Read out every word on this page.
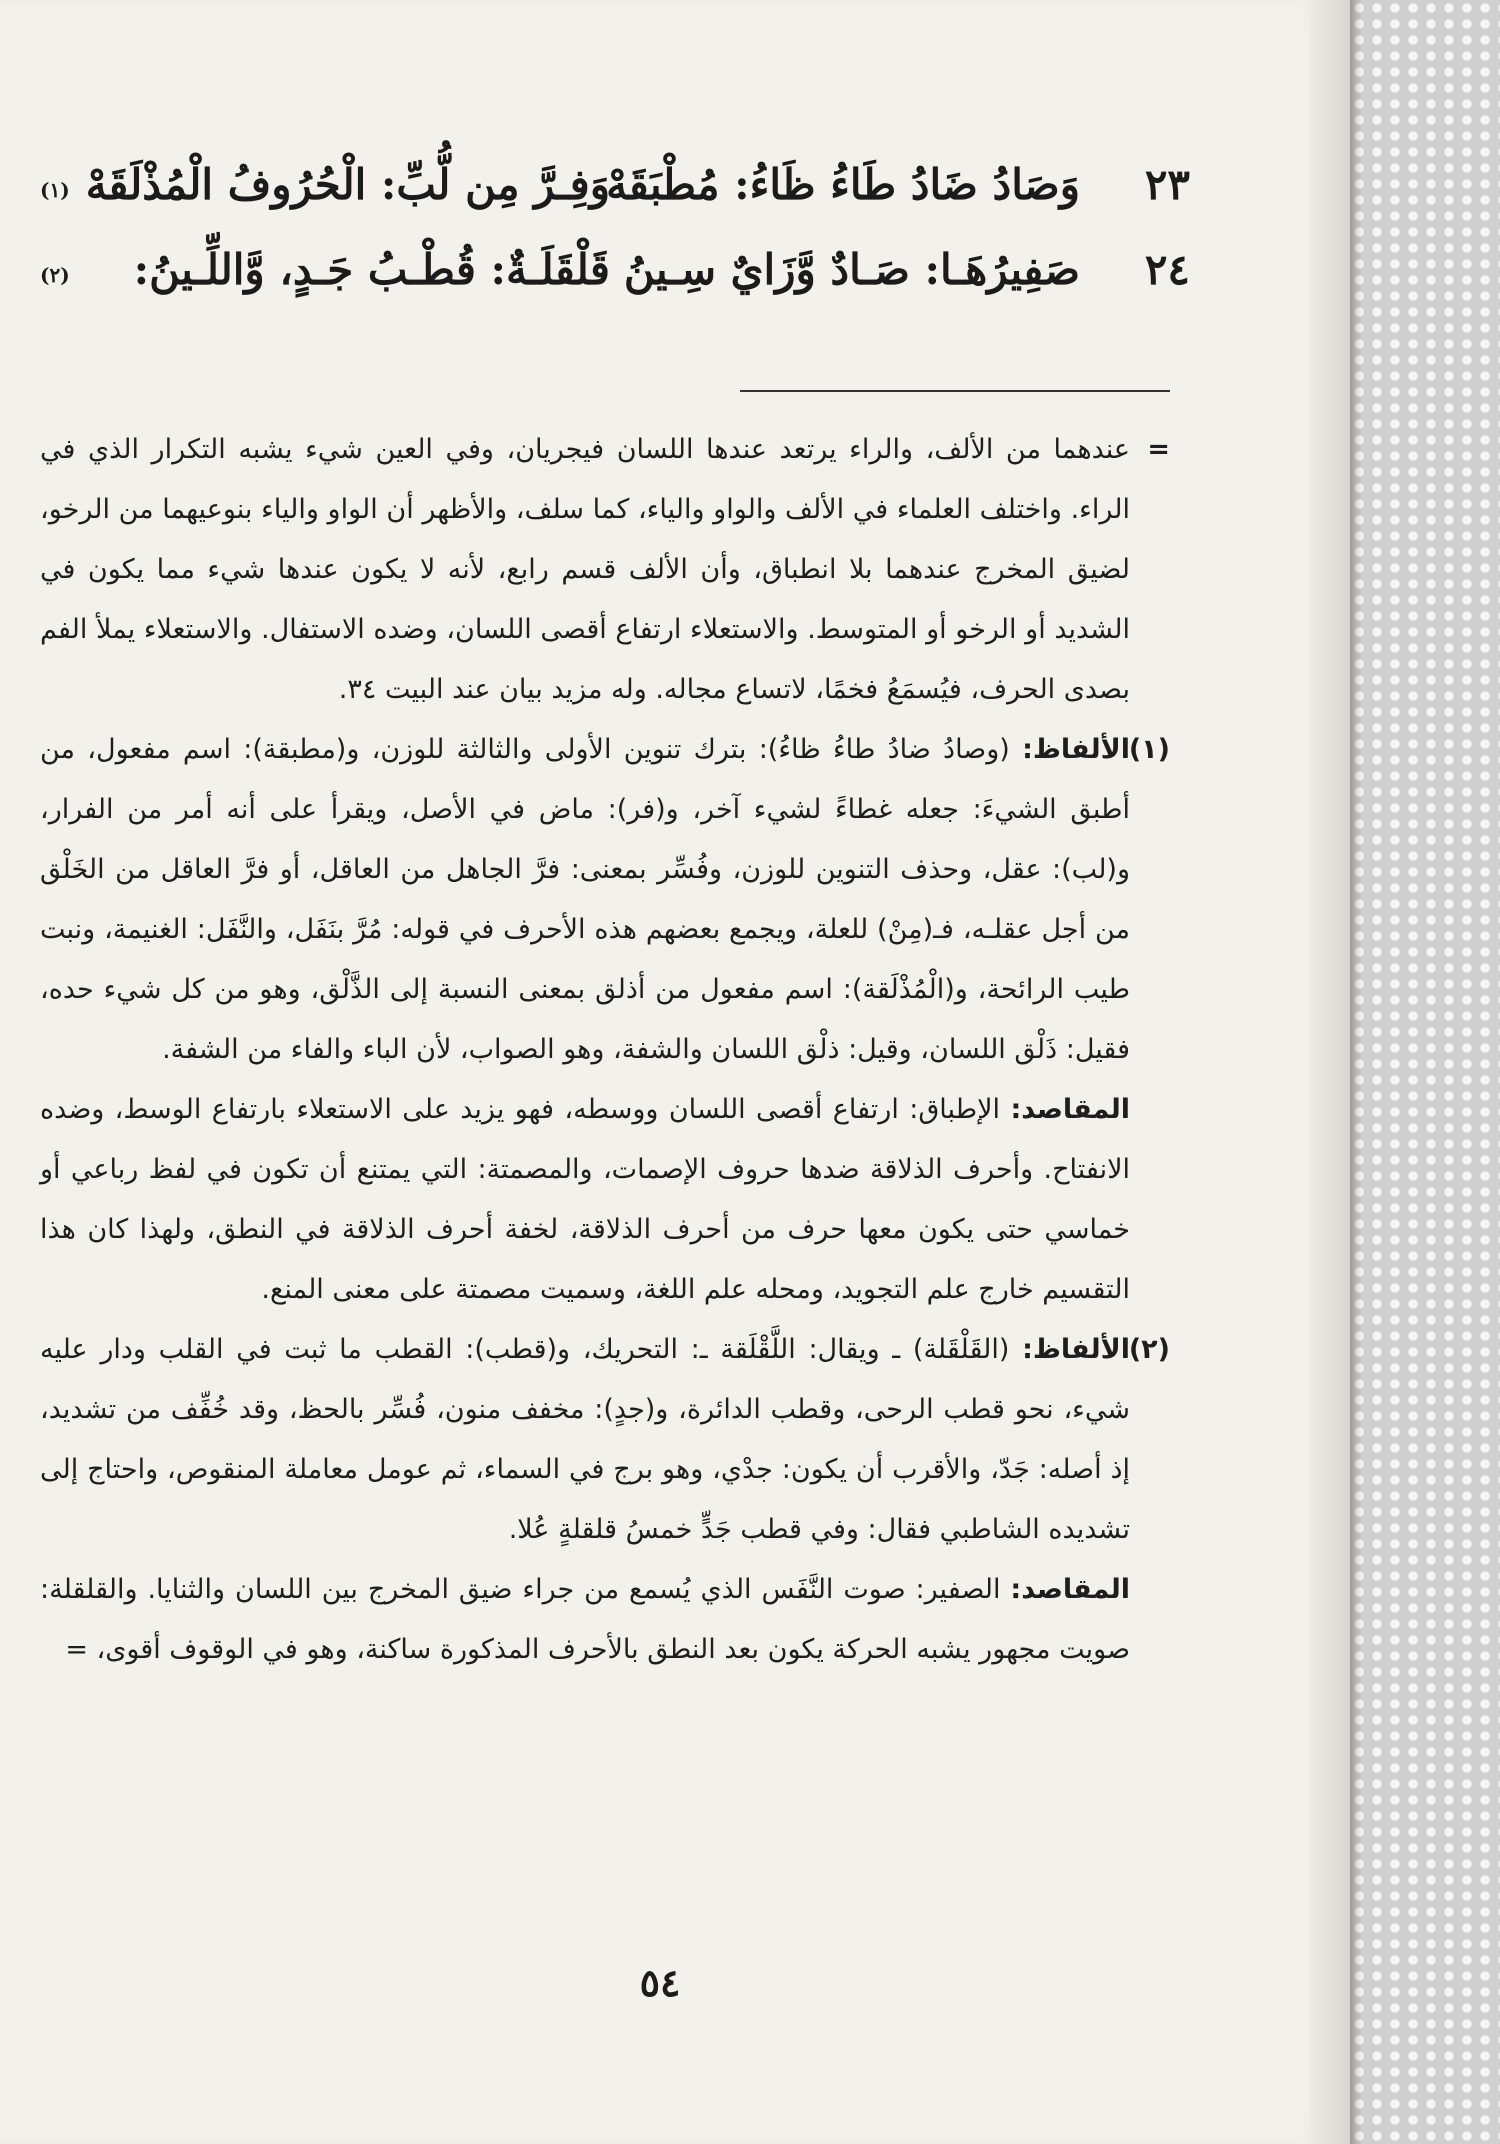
٢٣
وَصَادُ ضَادُ طَاءُ ظَاءُ: مُطْبَقَهْ
وَفِـرَّ مِن لُّبِّ: الْحُرُوفُ الْمُذْلَقَهْ
(١)
٢٤
صَفِيرُهَـا: صَـادٌ وَّزَايٌ سِـينُ
قَلْقَلَـةٌ: قُطْـبُ جَـدٍ، وَّاللِّـينُ:
(٢)

=
عندهما من الألف، والراء يرتعد عندها اللسان فيجريان، وفي العين شيء يشبه التكرار الذي في الراء. واختلف العلماء في الألف والواو والياء، كما سلف، والأظهر أن الواو والياء بنوعيهما من الرخو، لضيق المخرج عندهما بلا انطباق، وأن الألف قسم رابع، لأنه لا يكون عندها شيء مما يكون في الشديد أو الرخو أو المتوسط. والاستعلاء ارتفاع أقصى اللسان، وضده الاستفال. والاستعلاء يملأ الفم بصدى الحرف، فيُسمَعُ فخمًا، لاتساع مجاله. وله مزيد بيان عند البيت ٣٤.

(١)
الألفاظ: (وصادُ ضادُ طاءُ ظاءُ): بترك تنوين الأولى والثالثة للوزن، و(مطبقة): اسم مفعول، من أطبق الشيءَ: جعله غطاءً لشيء آخر، و(فر): ماض في الأصل، ويقرأ على أنه أمر من الفرار، و(لب): عقل، وحذف التنوين للوزن، وفُسِّر بمعنى: فرَّ الجاهل من العاقل، أو فرَّ العاقل من الخَلْق من أجل عقلـه، فـ(مِنْ) للعلة، ويجمع بعضهم هذه الأحرف في قوله: مُرَّ بنَفَل، والنَّفَل: الغنيمة، ونبت طيب الرائحة، و(الْمُذْلَقة): اسم مفعول من أذلق بمعنى النسبة إلى الذَّلْق، وهو من كل شيء حده، فقيل: ذَلْق اللسان، وقيل: ذلْق اللسان والشفة، وهو الصواب، لأن الباء والفاء من الشفة.

المقاصد: الإطباق: ارتفاع أقصى اللسان ووسطه، فهو يزيد على الاستعلاء بارتفاع الوسط، وضده الانفتاح. وأحرف الذلاقة ضدها حروف الإصمات، والمصمتة: التي يمتنع أن تكون في لفظ رباعي أو خماسي حتى يكون معها حرف من أحرف الذلاقة، لخفة أحرف الذلاقة في النطق، ولهذا كان هذا التقسيم خارج علم التجويد، ومحله علم اللغة، وسميت مصمتة على معنى المنع.

(٢)
الألفاظ: (القَلْقَلة) ـ ويقال: اللَّقْلَقة ـ: التحريك، و(قطب): القطب ما ثبت في القلب ودار عليه شيء، نحو قطب الرحى، وقطب الدائرة، و(جدٍ): مخفف منون، فُسِّر بالحظ، وقد خُفِّف من تشديد، إذ أصله: جَدّ، والأقرب أن يكون: جدْي، وهو برج في السماء، ثم عومل معاملة المنقوص، واحتاج إلى تشديده الشاطبي فقال: وفي قطب جَدٍّ خمسُ قلقلةٍ عُلا.

المقاصد: الصفير: صوت النَّفَس الذي يُسمع من جراء ضيق المخرج بين اللسان والثنايا. والقلقلة: صويت مجهور يشبه الحركة يكون بعد النطق بالأحرف المذكورة ساكنة، وهو في الوقوف أقوى، =

٥٤
